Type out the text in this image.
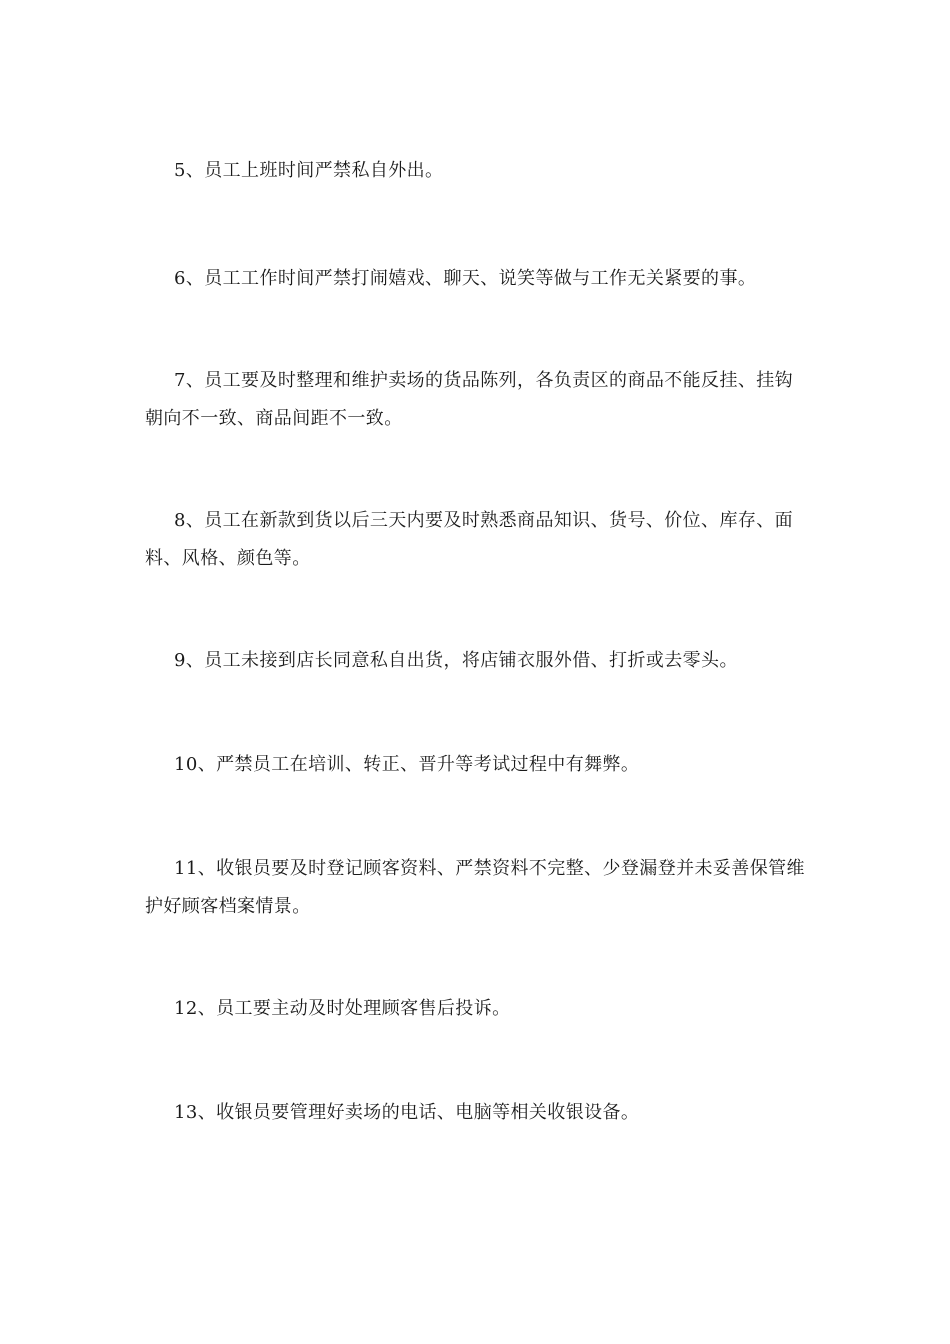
5、员工上班时间严禁私自外出。

6、员工工作时间严禁打闹嬉戏、聊天、说笑等做与工作无关紧要的事。

7、员工要及时整理和维护卖场的货品陈列，各负责区的商品不能反挂、挂钩朝向不一致、商品间距不一致。

8、员工在新款到货以后三天内要及时熟悉商品知识、货号、价位、库存、面料、风格、颜色等。

9、员工未接到店长同意私自出货，将店铺衣服外借、打折或去零头。

10、严禁员工在培训、转正、晋升等考试过程中有舞弊。

11、收银员要及时登记顾客资料、严禁资料不完整、少登漏登并未妥善保管维护好顾客档案情景。

12、员工要主动及时处理顾客售后投诉。

13、收银员要管理好卖场的电话、电脑等相关收银设备。
